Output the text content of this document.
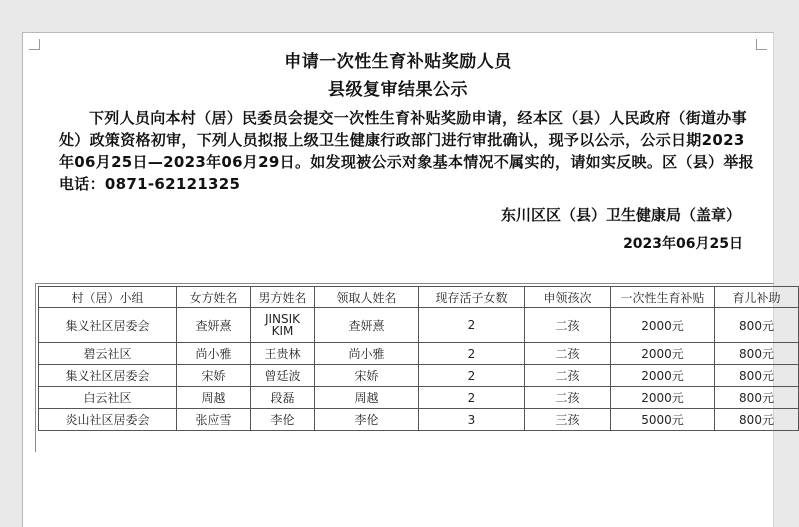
申请一次性生育补贴奖励人员
县级复审结果公示
下列人员向本村（居）民委员会提交一次性生育补贴奖励申请，经本区（县）人民政府（街道办事处）政策资格初审，下列人员拟报上级卫生健康行政部门进行审批确认，现予以公示，公示日期2023年06月25日—2023年06月29日。如发现被公示对象基本情况不属实的，请如实反映。区（县）举报电话：0871-62121325
东川区区（县）卫生健康局（盖章）
2023年06月25日
村（居）小组	女方姓名	男方姓名	领取人姓名	现存活子女数	申领孩次	一次性生育补贴	育儿补助
集义社区居委会	查妍熹	JINSIK KIM	查妍熹	2	二孩	2000元	800元
碧云社区	尚小雅	王贵林	尚小雅	2	二孩	2000元	800元
集义社区居委会	宋娇	曾廷波	宋娇	2	二孩	2000元	800元
白云社区	周越	段磊	周越	2	二孩	2000元	800元
炎山社区居委会	张应雪	李伦	李伦	3	三孩	5000元	800元
